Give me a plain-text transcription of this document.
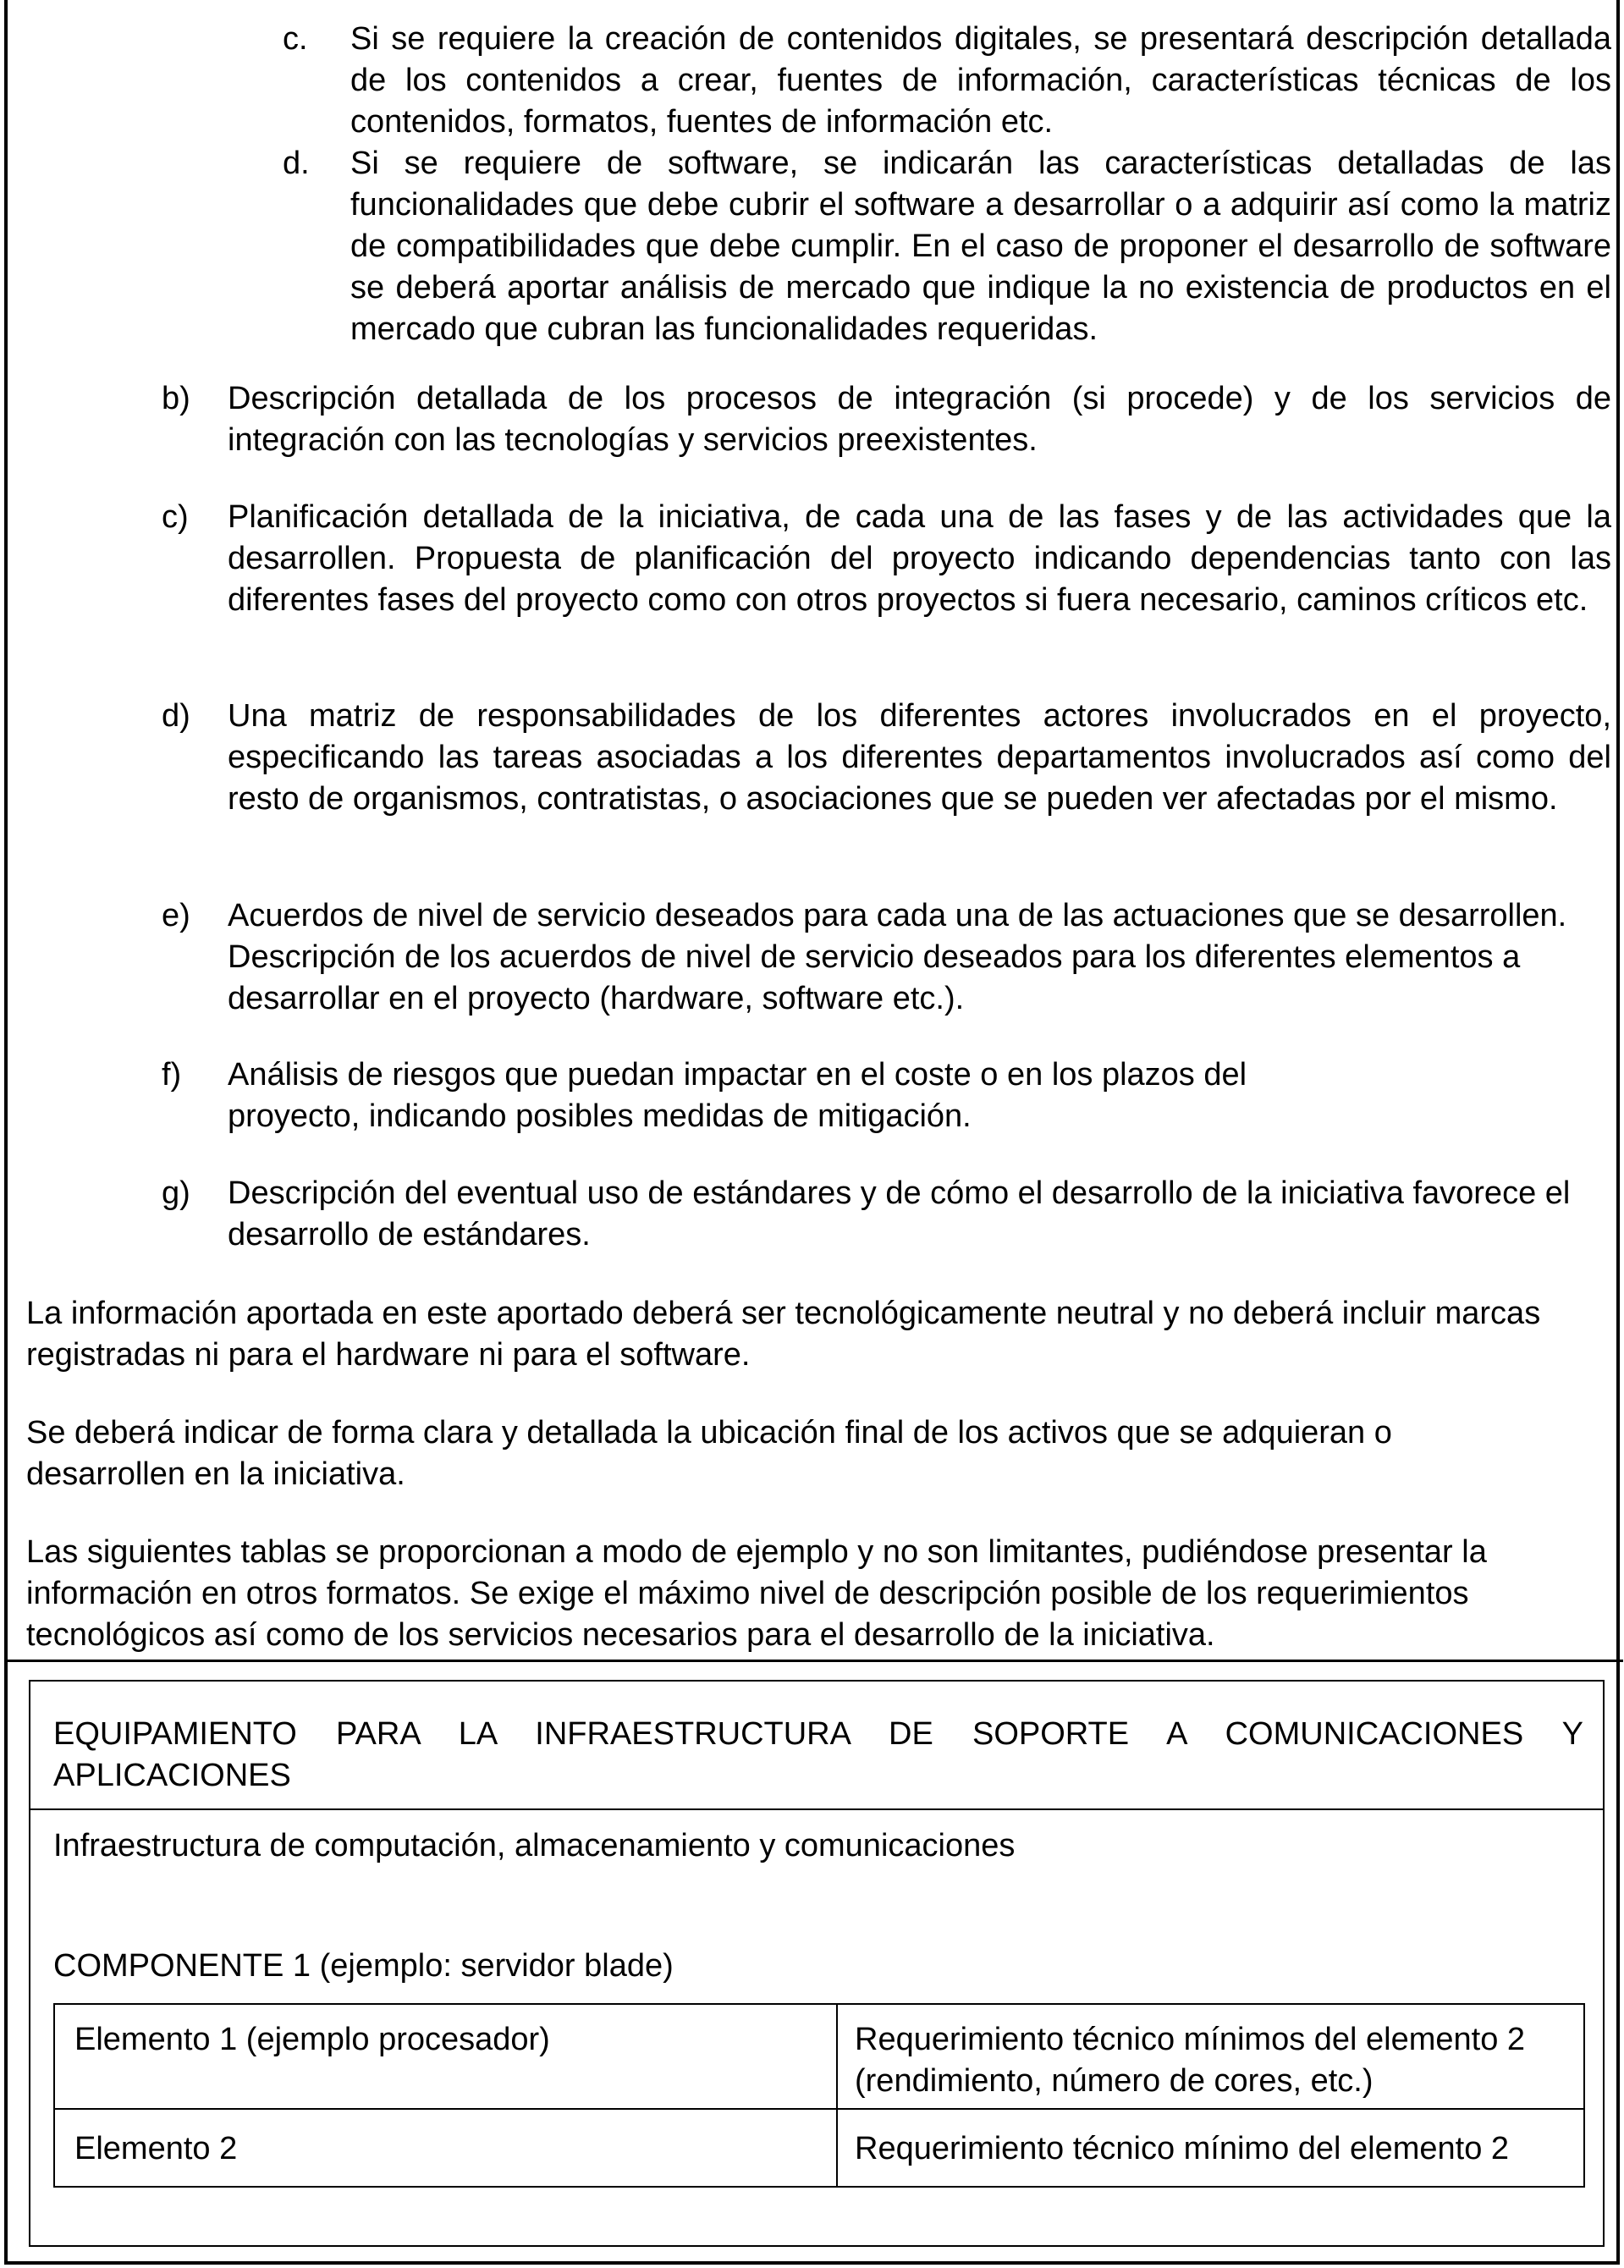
c. Si se requiere la creación de contenidos digitales, se presentará descripción detallada de los contenidos a crear, fuentes de información, características técnicas de los contenidos, formatos, fuentes de información etc.
d. Si se requiere de software, se indicarán las características detalladas de las funcionalidades que debe cubrir el software a desarrollar o a adquirir así como la matriz de compatibilidades que debe cumplir. En el caso de proponer el desarrollo de software se deberá aportar análisis de mercado que indique la no existencia de productos en el mercado que cubran las funcionalidades requeridas.
b) Descripción detallada de los procesos de integración (si procede) y de los servicios de integración con las tecnologías y servicios preexistentes.
c) Planificación detallada de la iniciativa, de cada una de las fases y de las actividades que la desarrollen. Propuesta de planificación del proyecto indicando dependencias tanto con las diferentes fases del proyecto como con otros proyectos si fuera necesario, caminos críticos etc.
d) Una matriz de responsabilidades de los diferentes actores involucrados en el proyecto, especificando las tareas asociadas a los diferentes departamentos involucrados así como del resto de organismos, contratistas, o asociaciones que se pueden ver afectadas por el mismo.
e) Acuerdos de nivel de servicio deseados para cada una de las actuaciones que se desarrollen. Descripción de los acuerdos de nivel de servicio deseados para los diferentes elementos a desarrollar en el proyecto (hardware, software etc.).
f) Análisis de riesgos que puedan impactar en el coste o en los plazos del proyecto, indicando posibles medidas de mitigación.
g) Descripción del eventual uso de estándares y de cómo el desarrollo de la iniciativa favorece el desarrollo de estándares.
La información aportada en este aportado deberá ser tecnológicamente neutral y no deberá incluir marcas registradas ni para el hardware ni para el software.
Se deberá indicar de forma clara y detallada la ubicación final de los activos que se adquieran o desarrollen en la iniciativa.
Las siguientes tablas se proporcionan a modo de ejemplo y no son limitantes, pudiéndose presentar la información en otros formatos. Se exige el máximo nivel de descripción posible de los requerimientos tecnológicos así como de los servicios necesarios para el desarrollo de la iniciativa.
EQUIPAMIENTO PARA LA INFRAESTRUCTURA DE SOPORTE A COMUNICACIONES Y APLICACIONES
Infraestructura de computación, almacenamiento y comunicaciones
COMPONENTE 1 (ejemplo: servidor blade)
Elemento 1 (ejemplo procesador)	Requerimiento técnico mínimos del elemento 2 (rendimiento, número de cores, etc.)
Elemento 2	Requerimiento técnico mínimo del elemento 2
